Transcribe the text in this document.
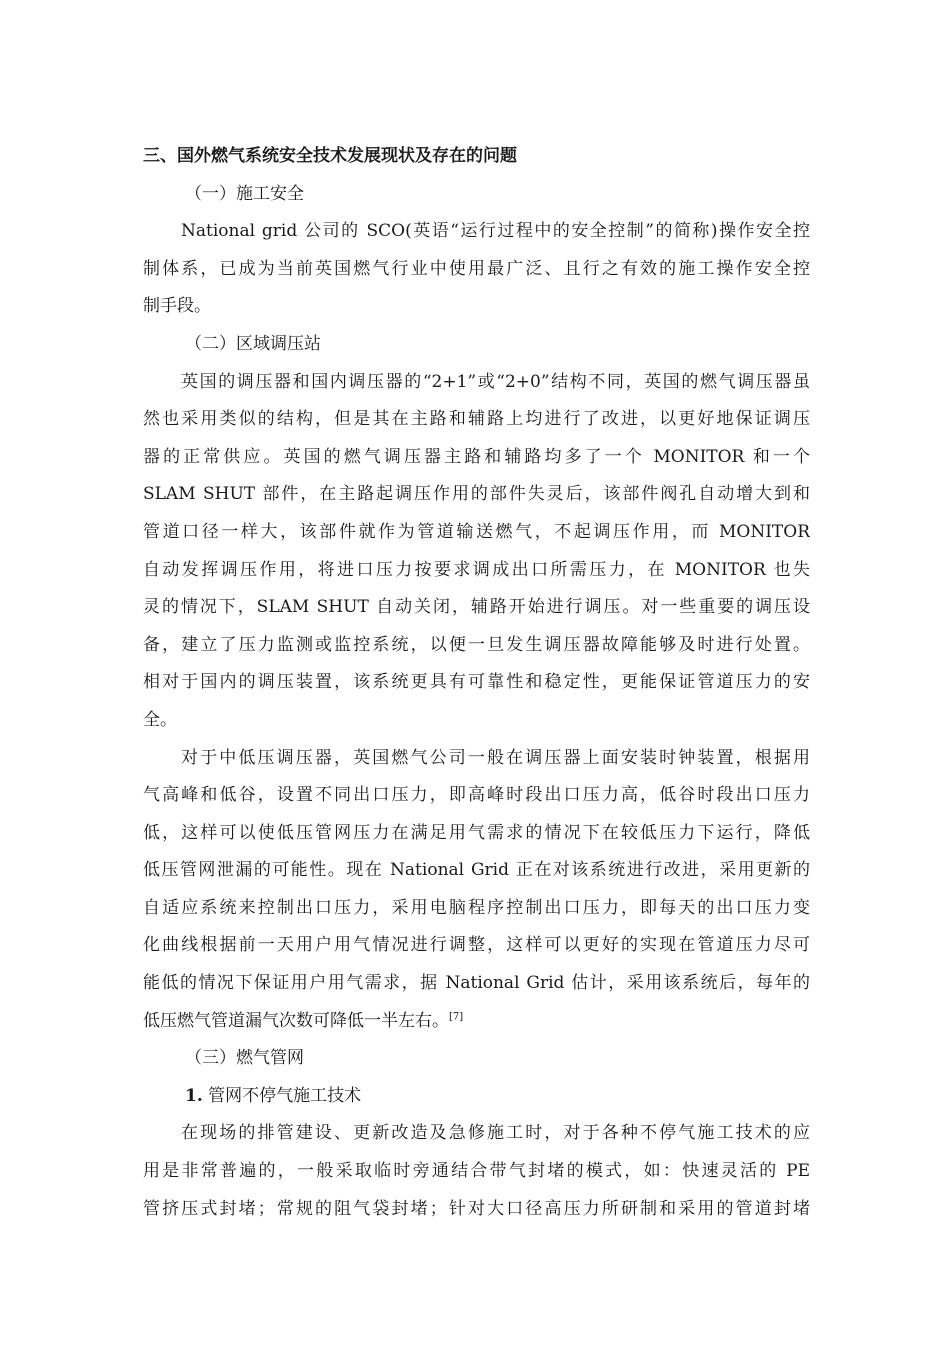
三、国外燃气系统安全技术发展现状及存在的问题
（一）施工安全
National grid 公司的 SCO(英语“运行过程中的安全控制”的简称)操作安全控
制体系，已成为当前英国燃气行业中使用最广泛、且行之有效的施工操作安全控
制手段。
（二）区域调压站
英国的调压器和国内调压器的“2+1”或“2+0”结构不同，英国的燃气调压器虽
然也采用类似的结构，但是其在主路和辅路上均进行了改进，以更好地保证调压
器的正常供应。英国的燃气调压器主路和辅路均多了一个 MONITOR 和一个
SLAM SHUT 部件，在主路起调压作用的部件失灵后，该部件阀孔自动增大到和
管道口径一样大，该部件就作为管道输送燃气，不起调压作用，而 MONITOR
自动发挥调压作用，将进口压力按要求调成出口所需压力，在 MONITOR 也失
灵的情况下，SLAM SHUT 自动关闭，辅路开始进行调压。对一些重要的调压设
备，建立了压力监测或监控系统，以便一旦发生调压器故障能够及时进行处置。
相对于国内的调压装置，该系统更具有可靠性和稳定性，更能保证管道压力的安
全。
对于中低压调压器，英国燃气公司一般在调压器上面安装时钟装置，根据用
气高峰和低谷，设置不同出口压力，即高峰时段出口压力高，低谷时段出口压力
低，这样可以使低压管网压力在满足用气需求的情况下在较低压力下运行，降低
低压管网泄漏的可能性。现在 National Grid 正在对该系统进行改进，采用更新的
自适应系统来控制出口压力，采用电脑程序控制出口压力，即每天的出口压力变
化曲线根据前一天用户用气情况进行调整，这样可以更好的实现在管道压力尽可
能低的情况下保证用户用气需求，据 National Grid 估计，采用该系统后，每年的
低压燃气管道漏气次数可降低一半左右。[7]
（三）燃气管网
1. 管网不停气施工技术
在现场的排管建设、更新改造及急修施工时，对于各种不停气施工技术的应
用是非常普遍的，一般采取临时旁通结合带气封堵的模式，如：快速灵活的 PE
管挤压式封堵；常规的阻气袋封堵；针对大口径高压力所研制和采用的管道封堵
